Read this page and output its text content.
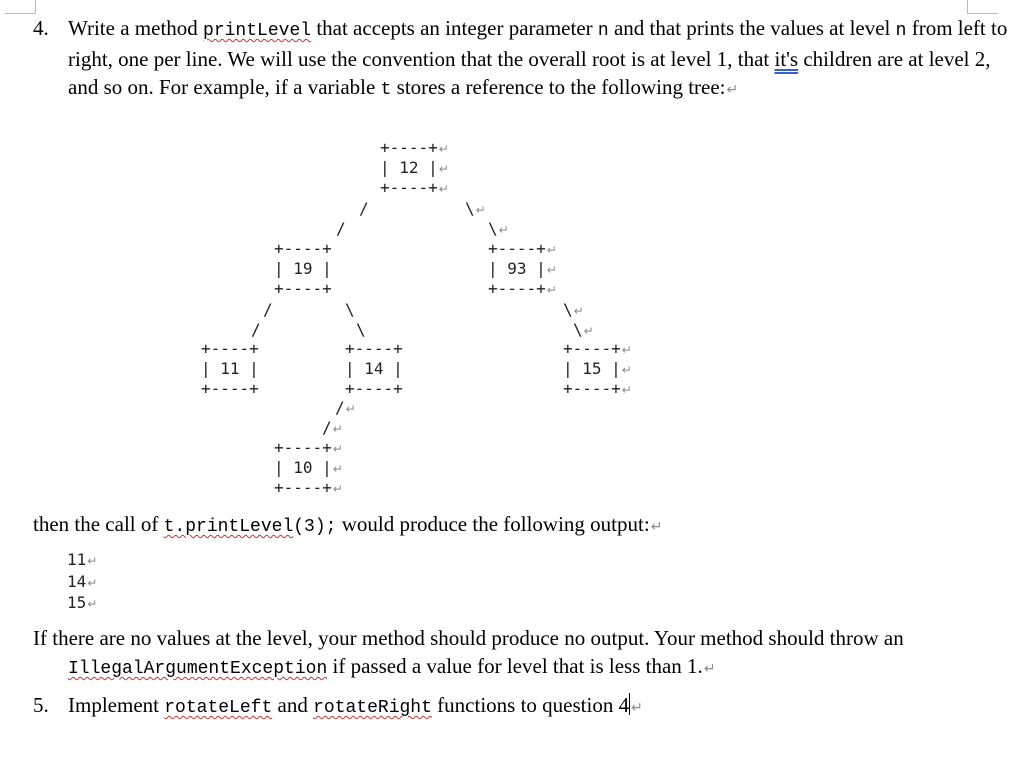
4. Write a method printLevel that accepts an integer parameter n and that prints the values at level n from left to right, one per line. We will use the convention that the overall root is at level 1, that it's children are at level 2, and so on. For example, if a variable t stores a reference to the following tree:↵

+----+↵

| 12 |↵

+----+↵

/

	\↵

/

	\↵

+----+

| 19 |

+----+

+----+↵

| 93 |↵

+----+↵

/

	\

	\↵

/

	\

	\↵

+----+

| 11 |

+----+

+----+

| 14 |

+----+

+----+↵

| 15 |↵

+----+↵

/↵

/↵

+----+↵

| 10 |↵

+----+↵

then the call of t.printLevel(3); would produce the following output:↵
11↵
14↵
15↵
If there are no values at the level, your method should produce no output. Your method should throw an IllegalArgumentException if passed a value for level that is less than 1.↵
5. Implement rotateLeft and rotateRight functions to question 4 ↵
